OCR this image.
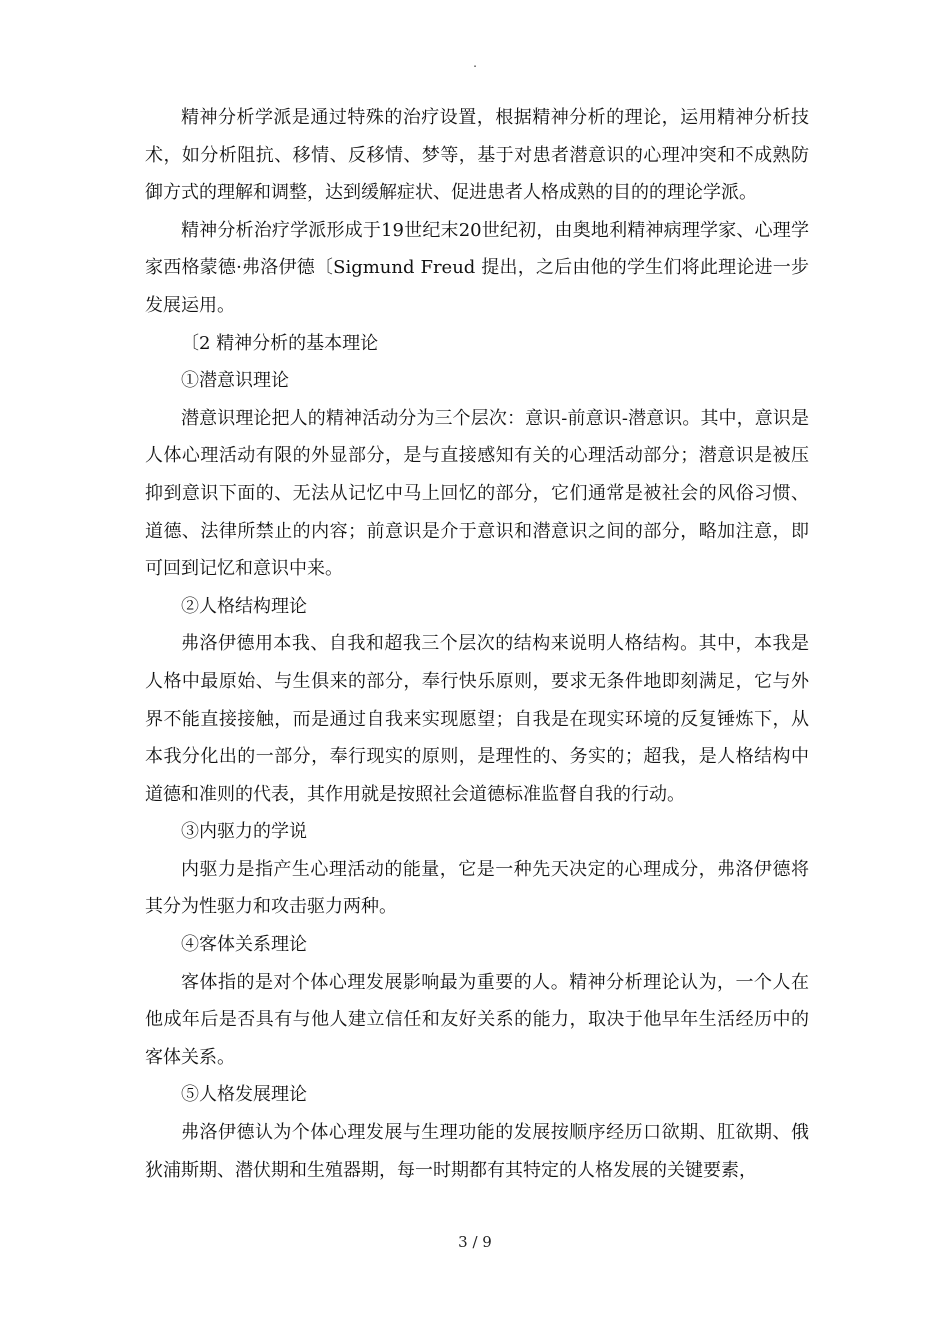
.

精神分析学派是通过特殊的治疗设置，根据精神分析的理论，运用精神分析技术，如分析阻抗、移情、反移情、梦等，基于对患者潜意识的心理冲突和不成熟防御方式的理解和调整，达到缓解症状、促进患者人格成熟的目的的理论学派。

精神分析治疗学派形成于19世纪末20世纪初，由奥地利精神病理学家、心理学家西格蒙德·弗洛伊德〔Sigmund Freud 提出，之后由他的学生们将此理论进一步发展运用。

〔2 精神分析的基本理论

①潜意识理论

潜意识理论把人的精神活动分为三个层次：意识-前意识-潜意识。其中，意识是人体心理活动有限的外显部分，是与直接感知有关的心理活动部分；潜意识是被压抑到意识下面的、无法从记忆中马上回忆的部分，它们通常是被社会的风俗习惯、道德、法律所禁止的内容；前意识是介于意识和潜意识之间的部分，略加注意，即可回到记忆和意识中来。

②人格结构理论

弗洛伊德用本我、自我和超我三个层次的结构来说明人格结构。其中，本我是人格中最原始、与生俱来的部分，奉行快乐原则，要求无条件地即刻满足，它与外界不能直接接触，而是通过自我来实现愿望；自我是在现实环境的反复锤炼下，从本我分化出的一部分，奉行现实的原则，是理性的、务实的；超我，是人格结构中道德和准则的代表，其作用就是按照社会道德标准监督自我的行动。

③内驱力的学说

内驱力是指产生心理活动的能量，它是一种先天决定的心理成分，弗洛伊德将其分为性驱力和攻击驱力两种。

④客体关系理论

客体指的是对个体心理发展影响最为重要的人。精神分析理论认为，一个人在他成年后是否具有与他人建立信任和友好关系的能力，取决于他早年生活经历中的客体关系。

⑤人格发展理论

弗洛伊德认为个体心理发展与生理功能的发展按顺序经历口欲期、肛欲期、俄狄浦斯期、潜伏期和生殖器期，每一时期都有其特定的人格发展的关键要素，

3 / 9
